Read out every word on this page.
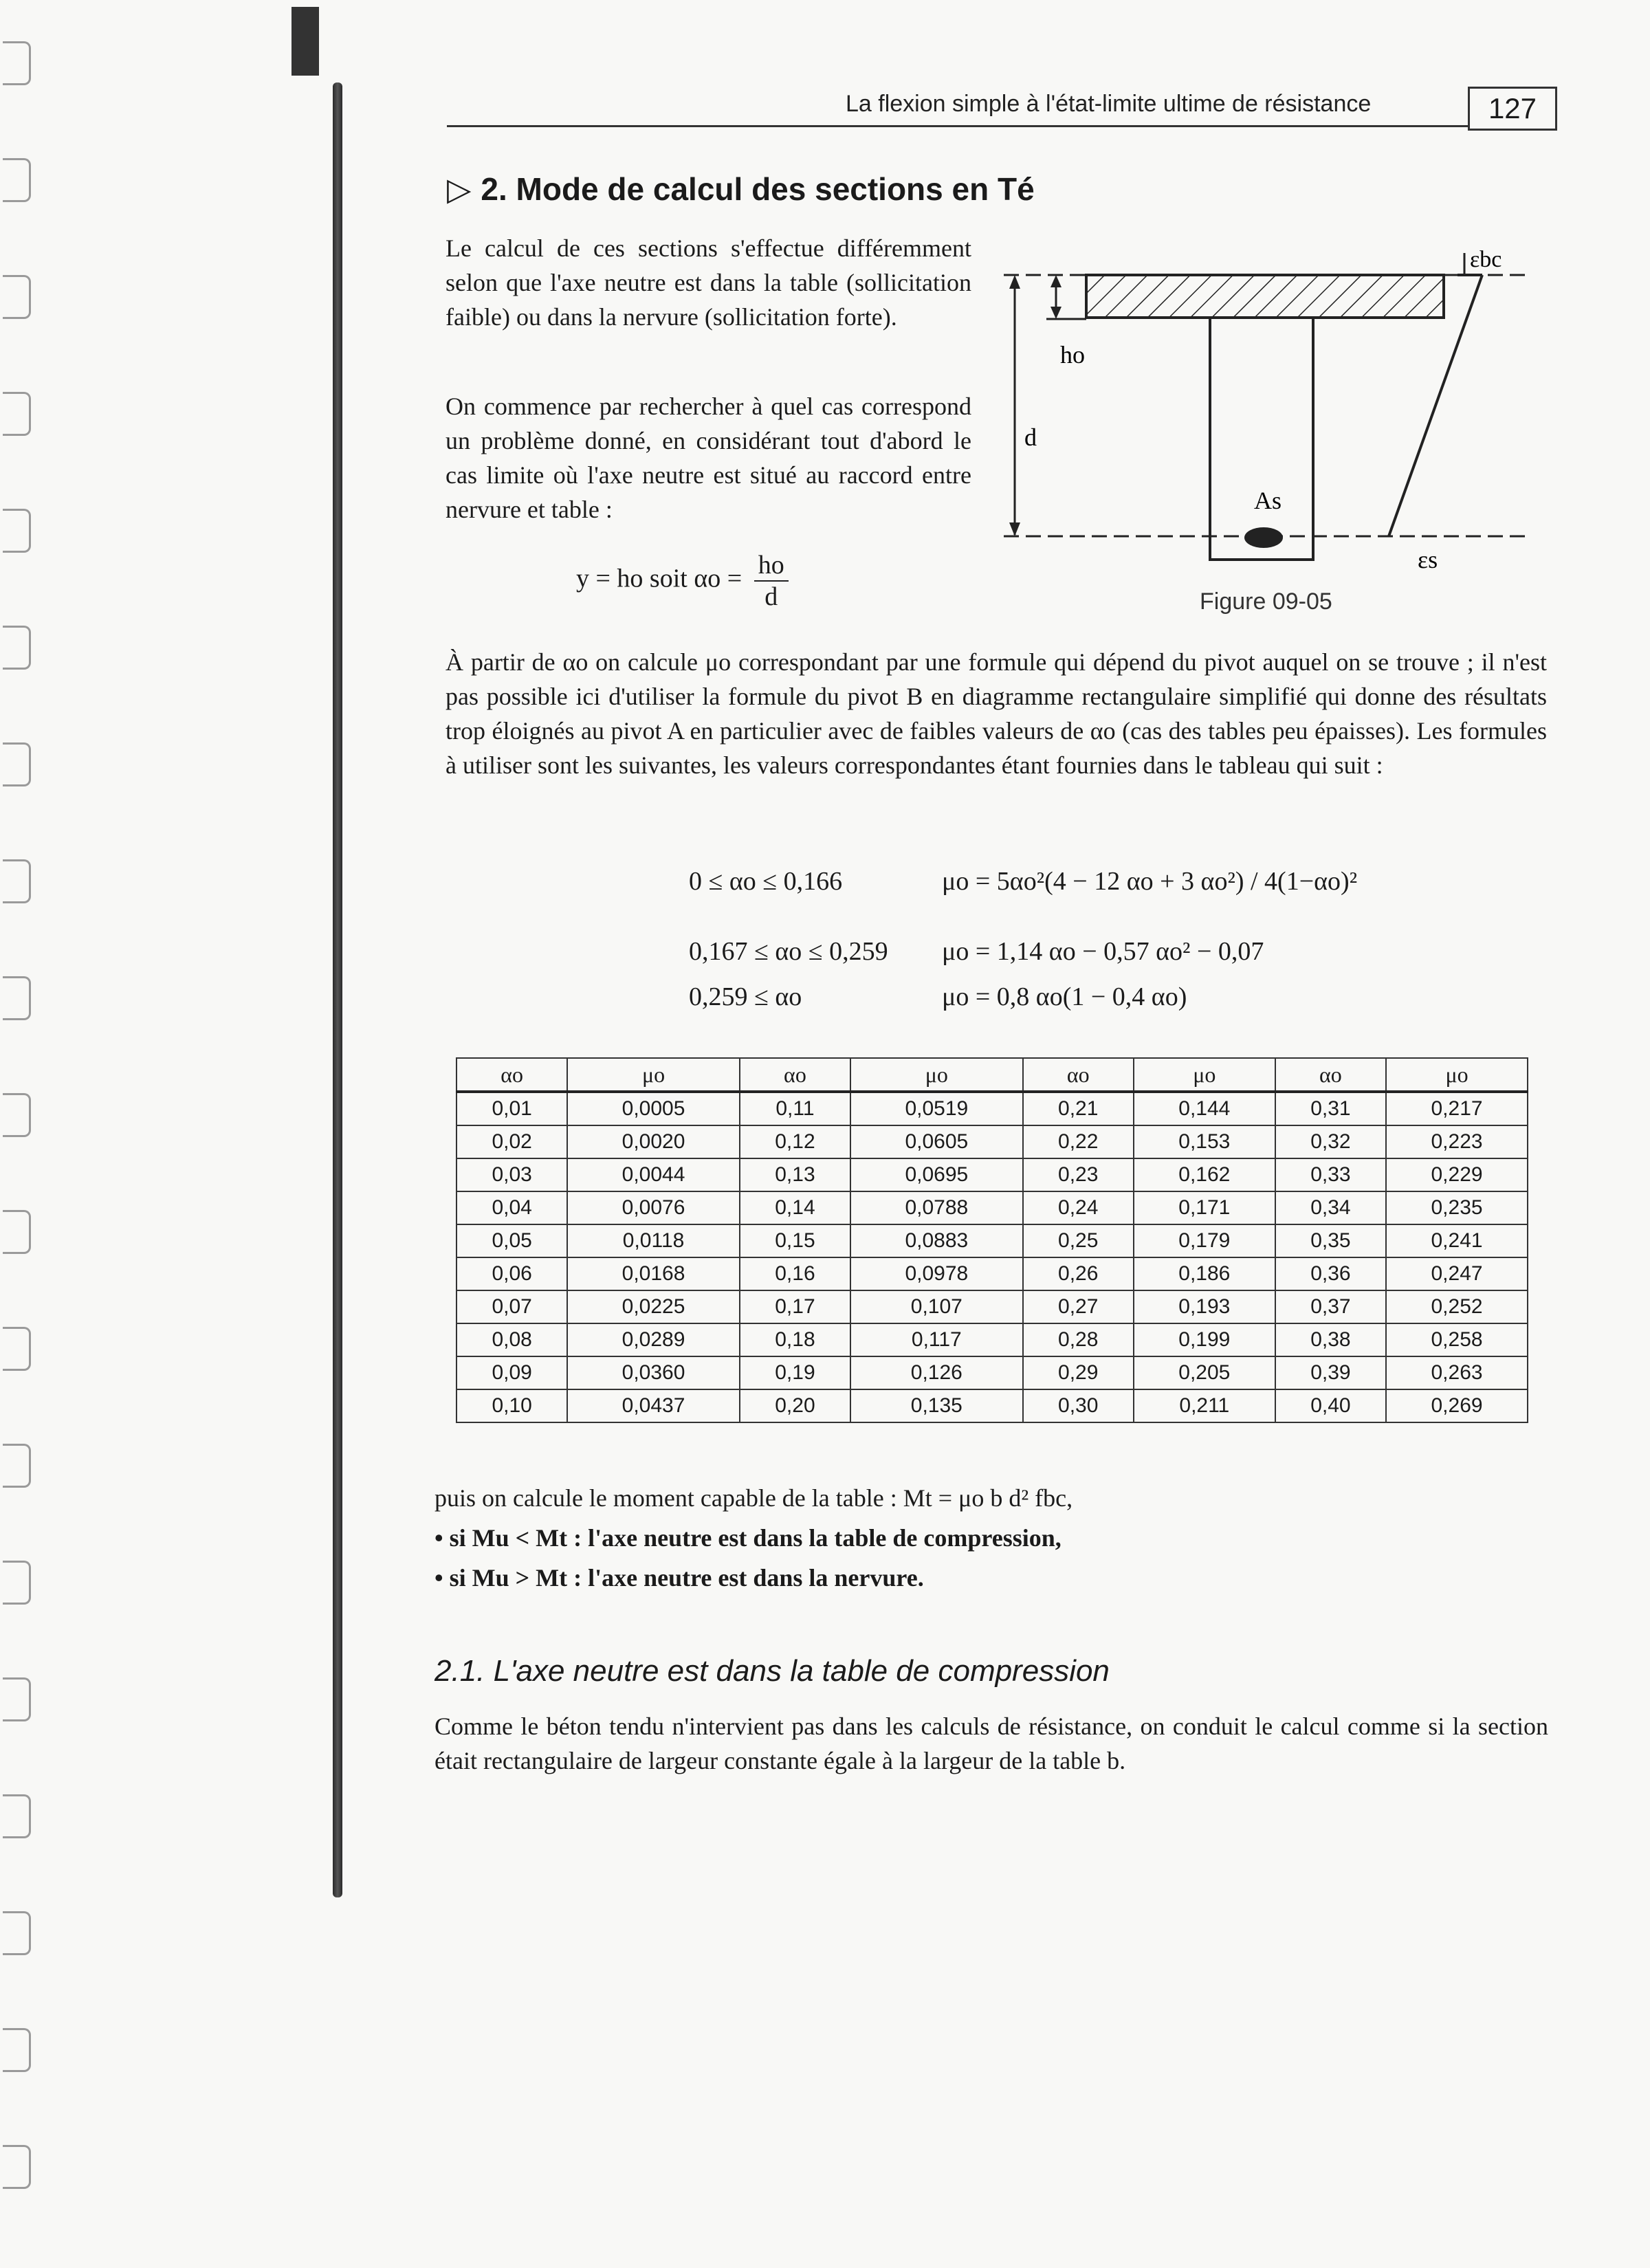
La flexion simple à l'état-limite ultime de résistance	127
▷ 2. Mode de calcul des sections en Té
Le calcul de ces sections s'effectue différemment selon que l'axe neutre est dans la table (sollicitation faible) ou dans la nervure (sollicitation forte).
On commence par rechercher à quel cas correspond un problème donné, en considérant tout d'abord le cas limite où l'axe neutre est situé au raccord entre nervure et table :
y = ho soit $\alpha o = \frac{ho}{d}$
εbc
ho
d
As
εs
Figure 09-05
À partir de αo on calcule μo correspondant par une formule qui dépend du pivot auquel on se trouve ; il n'est pas possible ici d'utiliser la formule du pivot B en diagramme rectangulaire simplifié qui donne des résultats trop éloignés au pivot A en particulier avec de faibles valeurs de αo (cas des tables peu épaisses). Les formules à utiliser sont les suivantes, les valeurs correspondantes étant fournies dans le tableau qui suit :
0 ≤ αo ≤ 0,166	μo = 5αo²(4 − 12 αo + 3 αo²) / 4(1−αo)²
0,167 ≤ αo ≤ 0,259 μo = 1,14 αo − 0,57 αo² − 0,07
0,259 ≤ αo	μo = 0,8 αo(1 − 0,4 αo)
αo	μo	αo	μo	αo	μo	αo	μo
0,01	0,0005	0,11	0,0519	0,21	0,144	0,31	0,217
0,02	0,0020	0,12	0,0605	0,22	0,153	0,32	0,223
0,03	0,0044	0,13	0,0695	0,23	0,162	0,33	0,229
0,04	0,0076	0,14	0,0788	0,24	0,171	0,34	0,235
0,05	0,0118	0,15	0,0883	0,25	0,179	0,35	0,241
0,06	0,0168	0,16	0,0978	0,26	0,186	0,36	0,247
0,07	0,0225	0,17	0,107	0,27	0,193	0,37	0,252
0,08	0,0289	0,18	0,117	0,28	0,199	0,38	0,258
0,09	0,0360	0,19	0,126	0,29	0,205	0,39	0,263
0,10	0,0437	0,20	0,135	0,30	0,211	0,40	0,269
puis on calcule le moment capable de la table : Mt = μo b d² fbc,
• si Mu < Mt : l'axe neutre est dans la table de compression,
• si Mu > Mt : l'axe neutre est dans la nervure.
2.1. L'axe neutre est dans la table de compression
Comme le béton tendu n'intervient pas dans les calculs de résistance, on conduit le calcul comme si la section était rectangulaire de largeur constante égale à la largeur de la table b.
